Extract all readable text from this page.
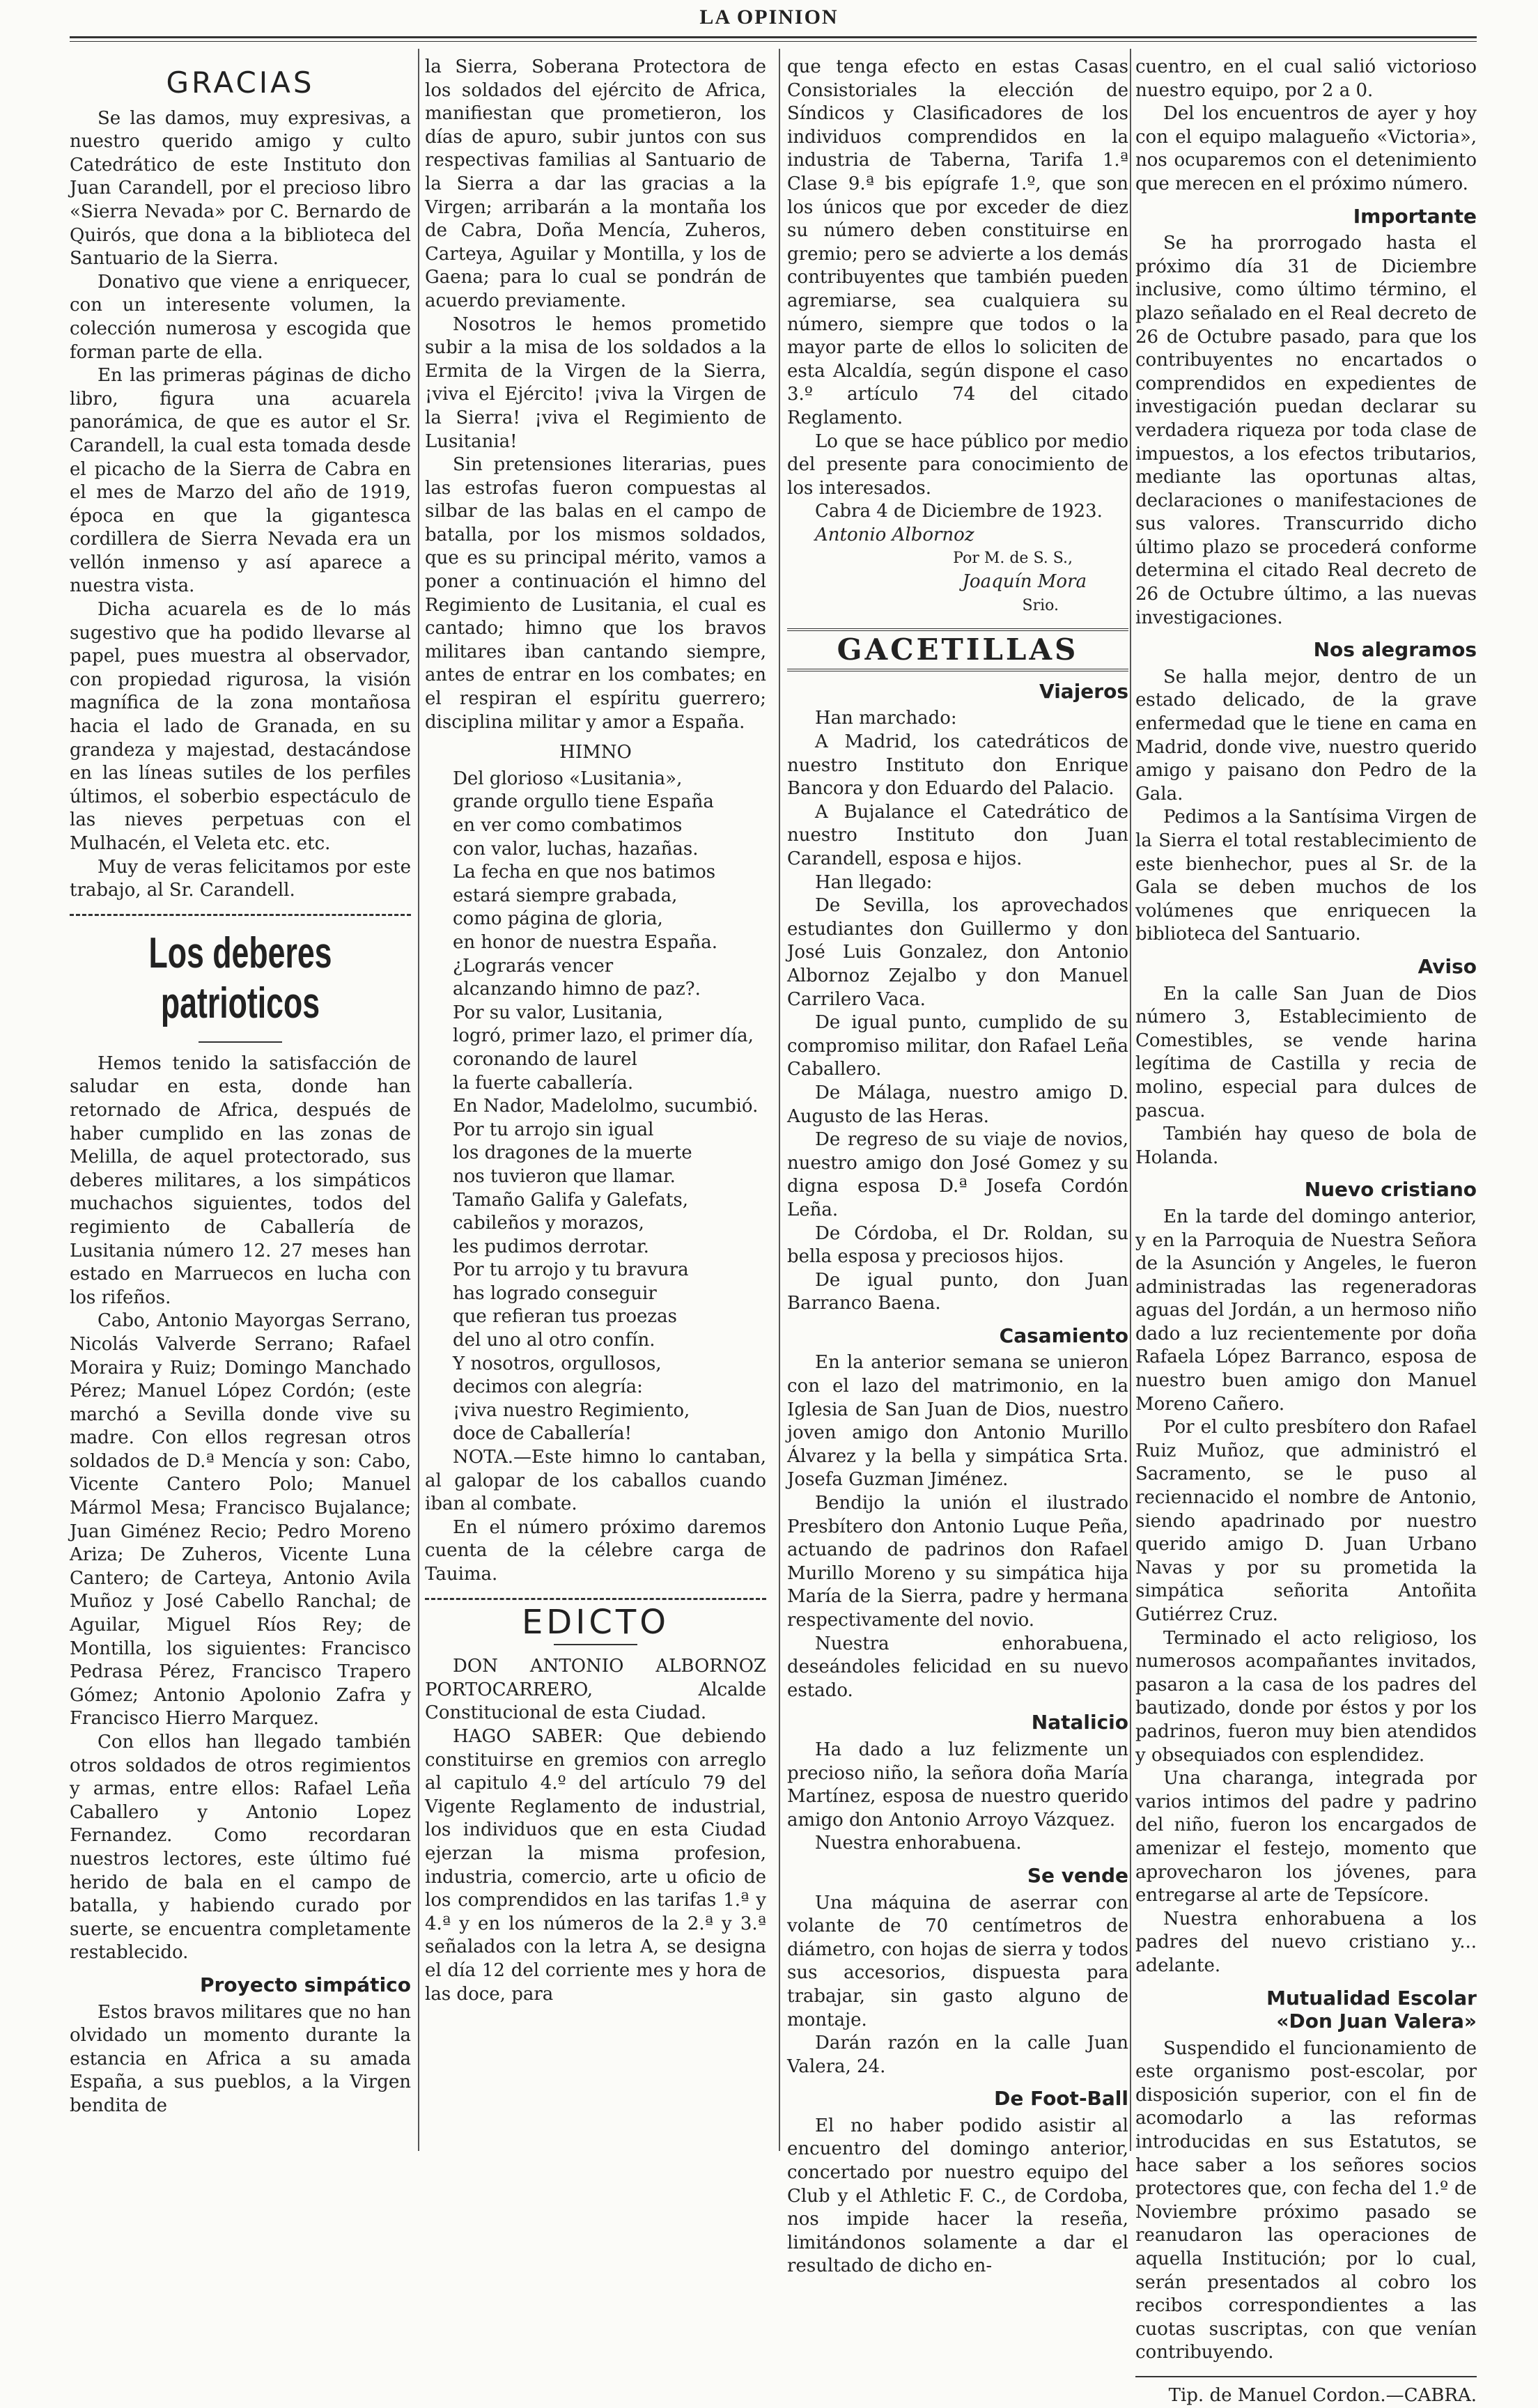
LA OPINION
GRACIAS

Se las damos, muy expresivas, a nuestro querido amigo y culto Catedrático de este Instituto don Juan Carandell, por el precioso libro «Sierra Nevada» por C. Bernardo de Quirós, que dona a la biblioteca del Santuario de la Sierra.

Donativo que viene a enriquecer, con un interesente volumen, la colección numerosa y escogida que forman parte de ella.

En las primeras páginas de dicho libro, figura una acuarela panorámica, de que es autor el Sr. Carandell, la cual esta tomada desde el picacho de la Sierra de Cabra en el mes de Marzo del año de 1919, época en que la gigantesca cordillera de Sierra Nevada era un vellón inmenso y así aparece a nuestra vista.

Dicha acuarela es de lo más sugestivo que ha podido llevarse al papel, pues muestra al observador, con propiedad rigurosa, la visión magnífica de la zona montañosa hacia el lado de Granada, en su grandeza y majestad, destacándose en las líneas sutiles de los perfiles últimos, el soberbio espectáculo de las nieves perpetuas con el Mulhacén, el Veleta etc. etc.

Muy de veras felicitamos por este trabajo, al Sr. Carandell.

Los deberes patrioticos

Hemos tenido la satisfacción de saludar en esta, donde han retornado de Africa, después de haber cumplido en las zonas de Melilla, de aquel protectorado, sus deberes militares, a los simpáticos muchachos siguientes, todos del regimiento de Caballería de Lusitania número 12. 27 meses han estado en Marruecos en lucha con los rifeños.

Cabo, Antonio Mayorgas Serrano, Nicolás Valverde Serrano; Rafael Moraira y Ruiz; Domingo Manchado Pérez; Manuel López Cordón; (este marchó a Sevilla donde vive su madre. Con ellos regresan otros soldados de D.ª Mencía y son: Cabo, Vicente Cantero Polo; Manuel Mármol Mesa; Francisco Bujalance; Juan Giménez Recio; Pedro Moreno Ariza; De Zuheros, Vicente Luna Cantero; de Carteya, Antonio Avila Muñoz y José Cabello Ranchal; de Aguilar, Miguel Ríos Rey; de Montilla, los siguientes: Francisco Pedrasa Pérez, Francisco Trapero Gómez; Antonio Apolonio Zafra y Francisco Hierro Marquez.

Con ellos han llegado también otros soldados de otros regimientos y armas, entre ellos: Rafael Leña Caballero y Antonio Lopez Fernandez. Como recordaran nuestros lectores, este último fué herido de bala en el campo de batalla, y habiendo curado por suerte, se encuentra completamente restablecido.

Proyecto simpático

Estos bravos militares que no han olvidado un momento durante la estancia en Africa a su amada España, a sus pueblos, a la Virgen bendita de

la Sierra, Soberana Protectora de los soldados del ejército de Africa, manifiestan que prometieron, los días de apuro, subir juntos con sus respectivas familias al Santuario de la Sierra a dar las gracias a la Virgen; arribarán a la montaña los de Cabra, Doña Mencía, Zuheros, Carteya, Aguilar y Montilla, y los de Gaena; para lo cual se pondrán de acuerdo previamente.

Nosotros le hemos prometido subir a la misa de los soldados a la Ermita de la Virgen de la Sierra, ¡viva el Ejército! ¡viva la Virgen de la Sierra! ¡viva el Regimiento de Lusitania!

Sin pretensiones literarias, pues las estrofas fueron compuestas al silbar de las balas en el campo de batalla, por los mismos soldados, que es su principal mérito, vamos a poner a continuación el himno del Regimiento de Lusitania, el cual es cantado; himno que los bravos militares iban cantando siempre, antes de entrar en los combates; en el respiran el espíritu guerrero; disciplina militar y amor a España.

HIMNO

Del glorioso «Lusitania»,

grande orgullo tiene España

en ver como combatimos

con valor, luchas, hazañas.

La fecha en que nos batimos

estará siempre grabada,

como página de gloria,

en honor de nuestra España.

¿Lograrás vencer

alcanzando himno de paz?.

Por su valor, Lusitania,

logró, primer lazo, el primer día,

coronando de laurel

la fuerte caballería.

En Nador, Madelolmo, sucumbió.

Por tu arrojo sin igual

los dragones de la muerte

nos tuvieron que llamar.

Tamaño Galifa y Galefats,

cabileños y morazos,

les pudimos derrotar.

Por tu arrojo y tu bravura

has logrado conseguir

que refieran tus proezas

del uno al otro confín.

Y nosotros, orgullosos,

decimos con alegría:

¡viva nuestro Regimiento,

doce de Caballería!

NOTA.—Este himno lo cantaban, al galopar de los caballos cuando iban al combate.

En el número próximo daremos cuenta de la célebre carga de Tauima.

EDICTO

DON ANTONIO ALBORNOZ PORTOCARRERO, Alcalde Constitucional de esta Ciudad.

HAGO SABER: Que debiendo constituirse en gremios con arreglo al capitulo 4.º del artículo 79 del Vigente Reglamento de industrial, los individuos que en esta Ciudad ejerzan la misma profesion, industria, comercio, arte u oficio de los comprendidos en las tarifas 1.ª y 4.ª y en los números de la 2.ª y 3.ª señalados con la letra A, se designa el día 12 del corriente mes y hora de las doce, para

que tenga efecto en estas Casas Consistoriales la elección de Síndicos y Clasificadores de los individuos comprendidos en la industria de Taberna, Tarifa 1.ª Clase 9.ª bis epígrafe 1.º, que son los únicos que por exceder de diez su número deben constituirse en gremio; pero se advierte a los demás contribuyentes que también pueden agremiarse, sea cualquiera su número, siempre que todos o la mayor parte de ellos lo soliciten de esta Alcaldía, según dispone el caso 3.º artículo 74 del citado Reglamento.

Lo que se hace público por medio del presente para conocimiento de los interesados.

Cabra 4 de Diciembre de 1923.

Antonio Albornoz

Por M. de S. S.,

Joaquín Mora

Srio.

GACETILLAS
Viajeros

Han marchado:

A Madrid, los catedráticos de nuestro Instituto don Enrique Bancora y don Eduardo del Palacio.

A Bujalance el Catedrático de nuestro Instituto don Juan Carandell, esposa e hijos.

Han llegado:

De Sevilla, los aprovechados estudiantes don Guillermo y don José Luis Gonzalez, don Antonio Albornoz Zejalbo y don Manuel Carrilero Vaca.

De igual punto, cumplido de su compromiso militar, don Rafael Leña Caballero.

De Málaga, nuestro amigo D. Augusto de las Heras.

De regreso de su viaje de novios, nuestro amigo don José Gomez y su digna esposa D.ª Josefa Cordón Leña.

De Córdoba, el Dr. Roldan, su bella esposa y preciosos hijos.

De igual punto, don Juan Barranco Baena.

Casamiento

En la anterior semana se unieron con el lazo del matrimonio, en la Iglesia de San Juan de Dios, nuestro joven amigo don Antonio Murillo Álvarez y la bella y simpática Srta. Josefa Guzman Jiménez.

Bendijo la unión el ilustrado Presbítero don Antonio Luque Peña, actuando de padrinos don Rafael Murillo Moreno y su simpática hija María de la Sierra, padre y hermana respectivamente del novio.

Nuestra enhorabuena, deseándoles felicidad en su nuevo estado.

Natalicio

Ha dado a luz felizmente un precioso niño, la señora doña María Martínez, esposa de nuestro querido amigo don Antonio Arroyo Vázquez.

Nuestra enhorabuena.

Se vende

Una máquina de aserrar con volante de 70 centímetros de diámetro, con hojas de sierra y todos sus accesorios, dispuesta para trabajar, sin gasto alguno de montaje.

Darán razón en la calle Juan Valera, 24.

De Foot-Ball

El no haber podido asistir al encuentro del domingo anterior, concertado por nuestro equipo del Club y el Athletic F. C., de Cordoba, nos impide hacer la reseña, limitándonos solamente a dar el resultado de dicho en-

cuentro, en el cual salió victorioso nuestro equipo, por 2 a 0.

Del los encuentros de ayer y hoy con el equipo malagueño «Victoria», nos ocuparemos con el detenimiento que merecen en el próximo número.

Importante

Se ha prorrogado hasta el próximo día 31 de Diciembre inclusive, como último término, el plazo señalado en el Real decreto de 26 de Octubre pasado, para que los contribuyentes no encartados o comprendidos en expedientes de investigación puedan declarar su verdadera riqueza por toda clase de impuestos, a los efectos tributarios, mediante las oportunas altas, declaraciones o manifestaciones de sus valores. Transcurrido dicho último plazo se procederá conforme determina el citado Real decreto de 26 de Octubre último, a las nuevas investigaciones.

Nos alegramos

Se halla mejor, dentro de un estado delicado, de la grave enfermedad que le tiene en cama en Madrid, donde vive, nuestro querido amigo y paisano don Pedro de la Gala.

Pedimos a la Santísima Virgen de la Sierra el total restablecimiento de este bienhechor, pues al Sr. de la Gala se deben muchos de los volúmenes que enriquecen la biblioteca del Santuario.

Aviso

En la calle San Juan de Dios número 3, Establecimiento de Comestibles, se vende harina legítima de Castilla y recia de molino, especial para dulces de pascua.

También hay queso de bola de Holanda.

Nuevo cristiano

En la tarde del domingo anterior, y en la Parroquia de Nuestra Señora de la Asunción y Angeles, le fueron administradas las regeneradoras aguas del Jordán, a un hermoso niño dado a luz recientemente por doña Rafaela López Barranco, esposa de nuestro buen amigo don Manuel Moreno Cañero.

Por el culto presbítero don Rafael Ruiz Muñoz, que administró el Sacramento, se le puso al reciennacido el nombre de Antonio, siendo apadrinado por nuestro querido amigo D. Juan Urbano Navas y por su prometida la simpática señorita Antoñita Gutiérrez Cruz.

Terminado el acto religioso, los numerosos acompañantes invitados, pasaron a la casa de los padres del bautizado, donde por éstos y por los padrinos, fueron muy bien atendidos y obsequiados con esplendidez.

Una charanga, integrada por varios intimos del padre y padrino del niño, fueron los encargados de amenizar el festejo, momento que aprovecharon los jóvenes, para entregarse al arte de Tepsícore.

Nuestra enhorabuena a los padres del nuevo cristiano y... adelante.

Mutualidad Escolar
«Don Juan Valera»

Suspendido el funcionamiento de este organismo post-escolar, por disposición superior, con el fin de acomodarlo a las reformas introducidas en sus Estatutos, se hace saber a los señores socios protectores que, con fecha del 1.º de Noviembre próximo pasado se reanudaron las operaciones de aquella Institución; por lo cual, serán presentados al cobro los recibos correspondientes a las cuotas suscriptas, con que venían contribuyendo.

Tip. de Manuel Cordon.—CABRA.
